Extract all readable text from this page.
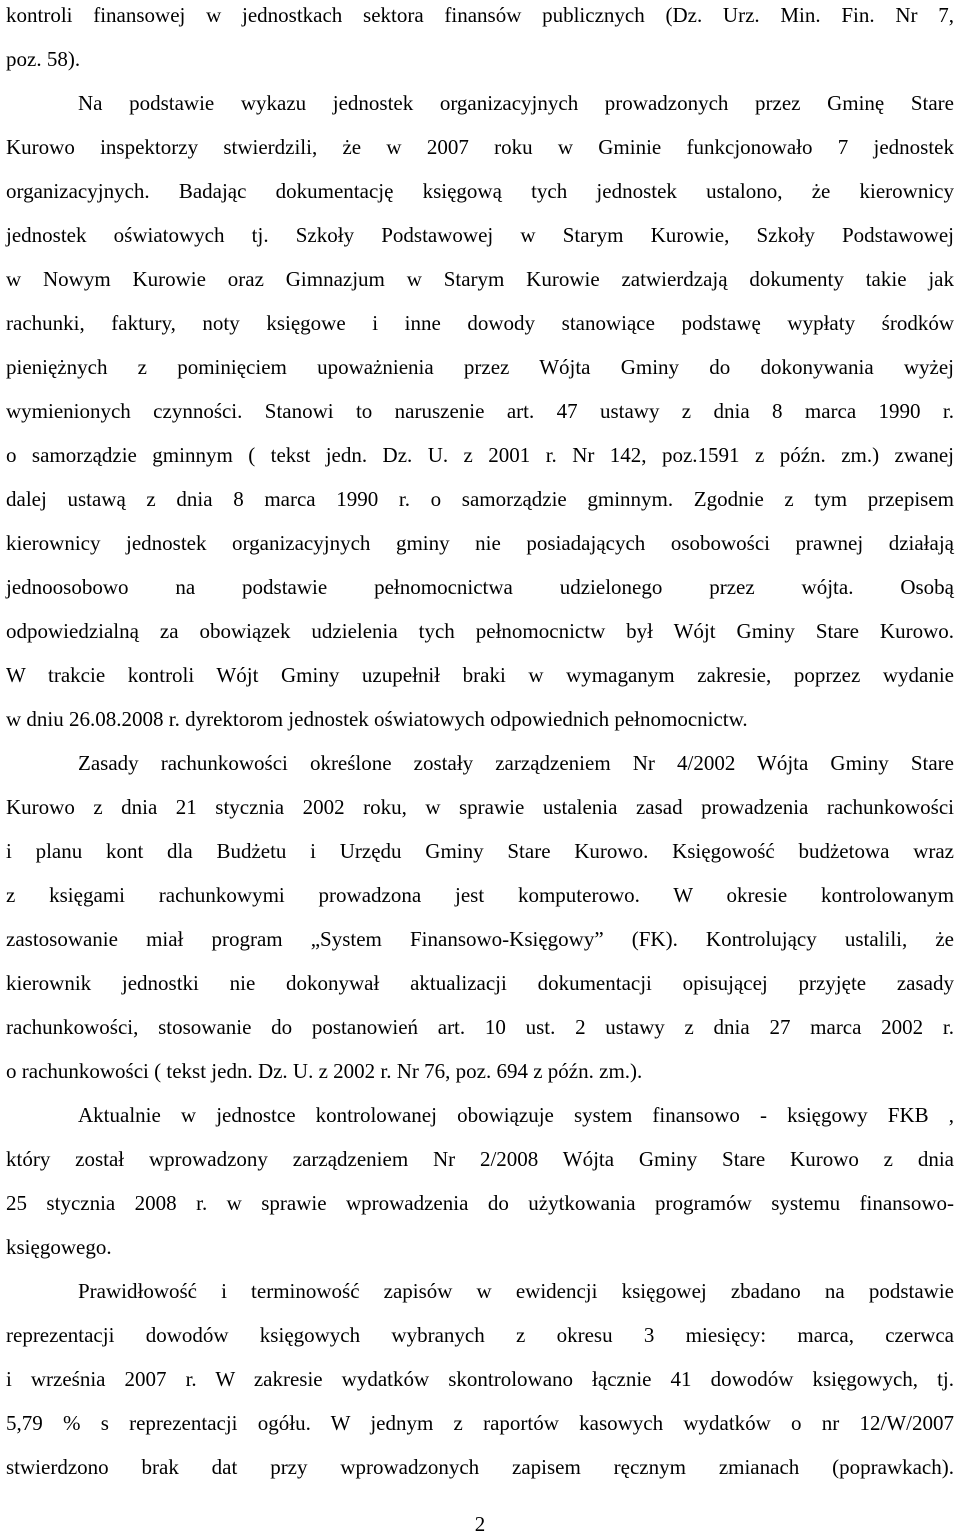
kontroli finansowej w jednostkach sektora finansów publicznych (Dz. Urz. Min. Fin. Nr 7,
poz. 58).
Na podstawie wykazu jednostek organizacyjnych prowadzonych przez Gminę Stare
Kurowo inspektorzy stwierdzili, że w 2007 roku w Gminie funkcjonowało 7 jednostek
organizacyjnych. Badając dokumentację księgową tych jednostek ustalono, że kierownicy
jednostek oświatowych tj. Szkoły Podstawowej w Starym Kurowie, Szkoły Podstawowej
w Nowym Kurowie oraz Gimnazjum w Starym Kurowie zatwierdzają dokumenty takie jak
rachunki, faktury, noty księgowe i inne dowody stanowiące podstawę wypłaty środków
pieniężnych z pominięciem upoważnienia przez Wójta Gminy do dokonywania wyżej
wymienionych czynności. Stanowi to naruszenie art. 47 ustawy z dnia 8 marca 1990 r.
o samorządzie gminnym ( tekst jedn. Dz. U. z 2001 r. Nr 142, poz.1591 z późn. zm.) zwanej
dalej ustawą z dnia 8 marca 1990 r. o samorządzie gminnym. Zgodnie z tym przepisem
kierownicy jednostek organizacyjnych gminy nie posiadających osobowości prawnej działają
jednoosobowo na podstawie pełnomocnictwa udzielonego przez wójta. Osobą
odpowiedzialną za obowiązek udzielenia tych pełnomocnictw był Wójt Gminy Stare Kurowo.
W trakcie kontroli Wójt Gminy uzupełnił braki w wymaganym zakresie, poprzez wydanie
w dniu 26.08.2008 r. dyrektorom jednostek oświatowych odpowiednich pełnomocnictw.
Zasady rachunkowości określone zostały zarządzeniem Nr 4/2002 Wójta Gminy Stare
Kurowo z dnia 21 stycznia 2002 roku, w sprawie ustalenia zasad prowadzenia rachunkowości
i planu kont dla Budżetu i Urzędu Gminy Stare Kurowo. Księgowość budżetowa wraz
z księgami rachunkowymi prowadzona jest komputerowo. W okresie kontrolowanym
zastosowanie miał program „System Finansowo-Księgowy” (FK). Kontrolujący ustalili, że
kierownik jednostki nie dokonywał aktualizacji dokumentacji opisującej przyjęte zasady
rachunkowości, stosowanie do postanowień art. 10 ust. 2 ustawy z dnia 27 marca 2002 r.
o rachunkowości ( tekst jedn. Dz. U. z 2002 r. Nr 76, poz. 694 z późn. zm.).
Aktualnie w jednostce kontrolowanej obowiązuje system finansowo - księgowy FKB ,
który został wprowadzony zarządzeniem Nr 2/2008 Wójta Gminy Stare Kurowo z dnia
25 stycznia 2008 r. w sprawie wprowadzenia do użytkowania programów systemu finansowo-
księgowego.
Prawidłowość i terminowość zapisów w ewidencji księgowej zbadano na podstawie
reprezentacji dowodów księgowych wybranych z okresu 3 miesięcy: marca, czerwca
i września 2007 r. W zakresie wydatków skontrolowano łącznie 41 dowodów księgowych, tj.
5,79 % s reprezentacji ogółu. W jednym z raportów kasowych wydatków o nr 12/W/2007
stwierdzono brak dat przy wprowadzonych zapisem ręcznym zmianach (poprawkach).
2
